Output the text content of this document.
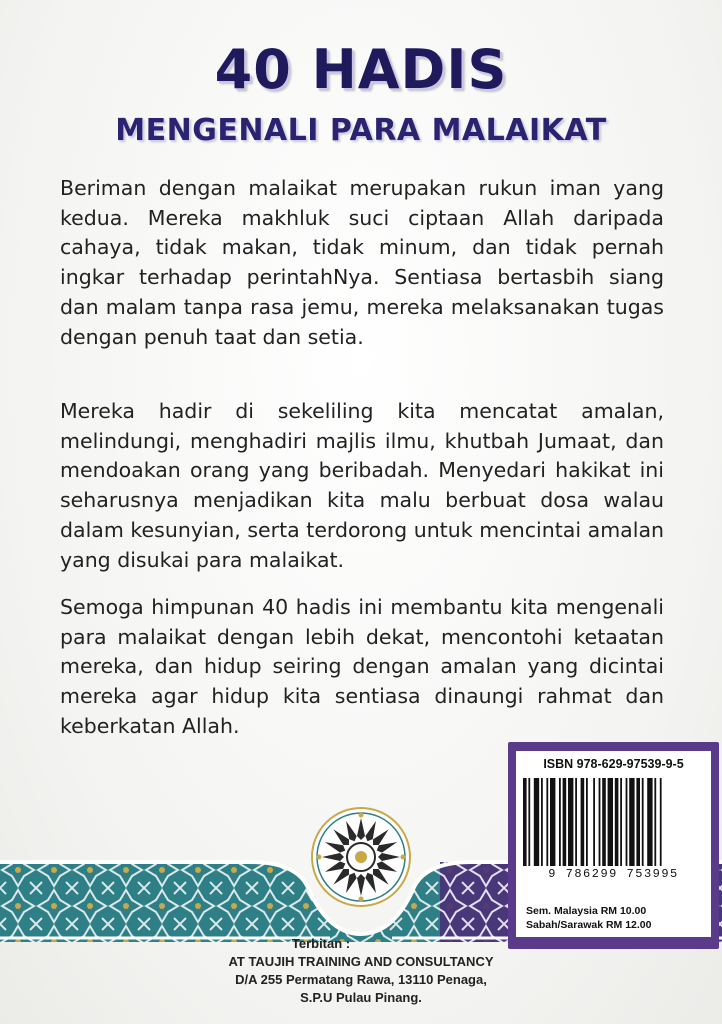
40 HADIS
MENGENALI PARA MALAIKAT

Beriman dengan malaikat merupakan rukun iman yang kedua. Mereka makhluk suci ciptaan Allah daripada cahaya, tidak makan, tidak minum, dan tidak pernah ingkar terhadap perintahNya. Sentiasa bertasbih siang dan malam tanpa rasa jemu, mereka melaksanakan tugas dengan penuh taat dan setia.

Mereka hadir di sekeliling kita mencatat amalan, melindungi, menghadiri majlis ilmu, khutbah Jumaat, dan mendoakan orang yang beribadah. Menyedari hakikat ini seharusnya menjadikan kita malu berbuat dosa walau dalam kesunyian, serta terdorong untuk mencintai amalan yang disukai para malaikat.

Semoga himpunan 40 hadis ini membantu kita mengenali para malaikat dengan lebih dekat, mencontohi ketaatan mereka, dan hidup seiring dengan amalan yang dicintai mereka agar hidup kita sentiasa dinaungi rahmat dan keberkatan Allah.

ISBN 978-629-97539-9-5
9 786299 753995
Sem. Malaysia RM 10.00
Sabah/Sarawak RM 12.00
Terbitan :
AT TAUJIH TRAINING AND CONSULTANCY
D/A 255 Permatang Rawa, 13110 Penaga,
S.P.U Pulau Pinang.
